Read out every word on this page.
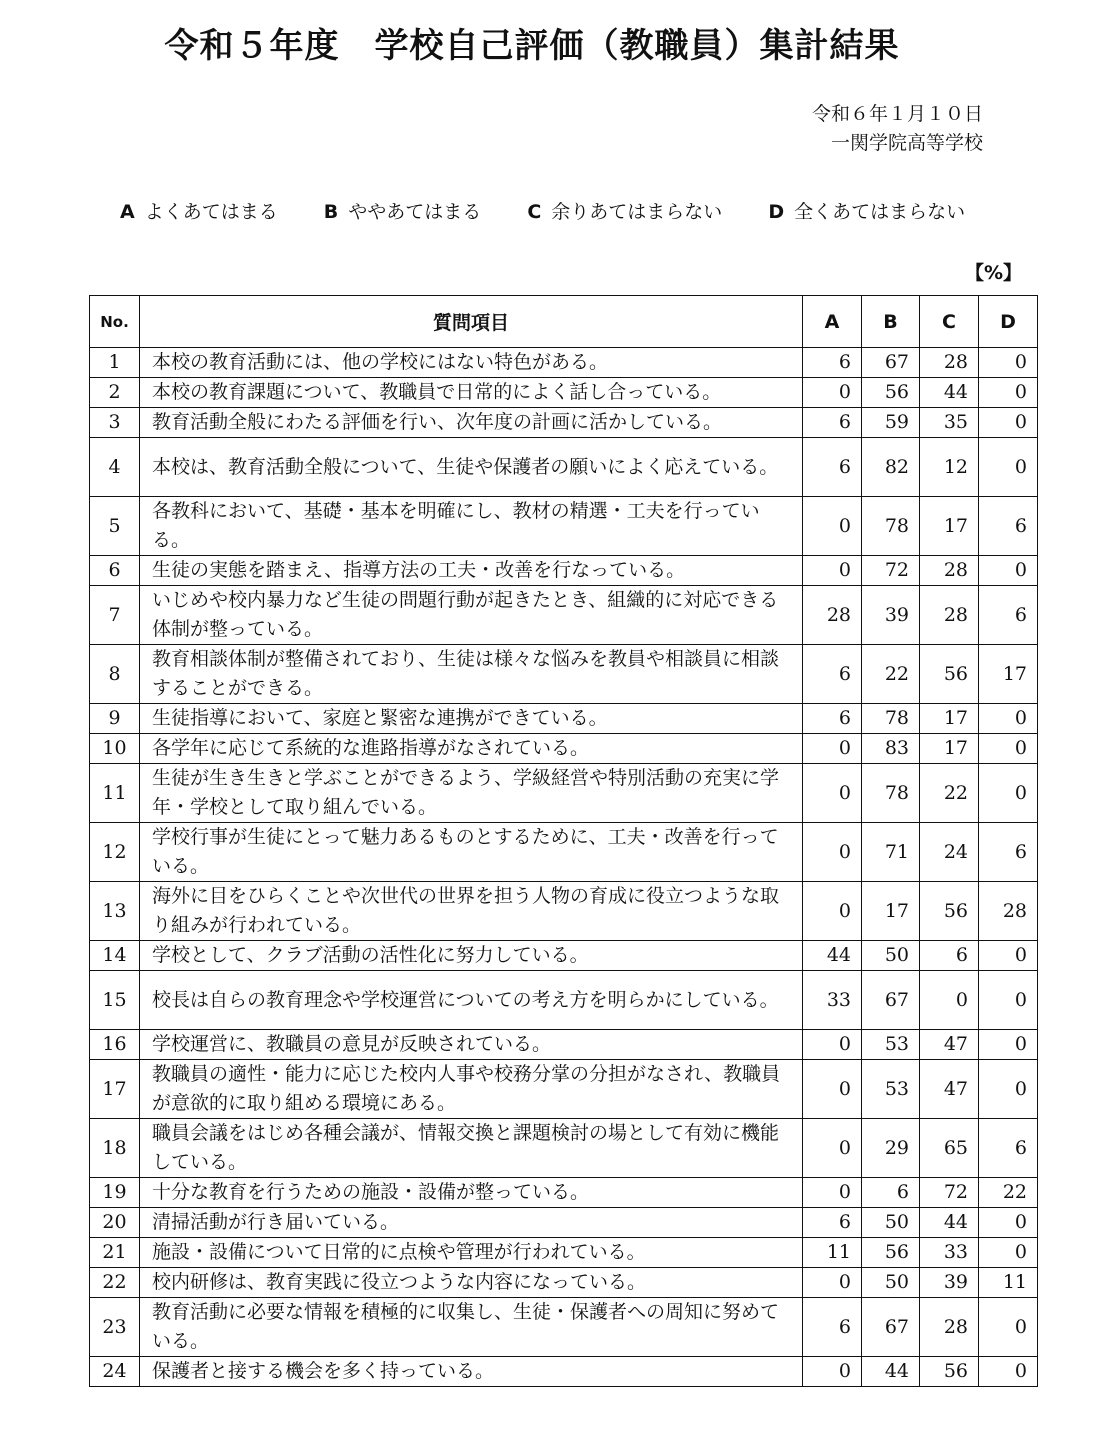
令和５年度　学校自己評価（教職員）集計結果
令和６年１月１０日
一関学院高等学校
A よくあてはまる B ややあてはまる C 余りあてはまらない D 全くあてはまらない
【%】
No.	質問項目	A	B	C	D
1	本校の教育活動には、他の学校にはない特色がある。	6	67	28	0
2	本校の教育課題について、教職員で日常的によく話し合っている。	0	56	44	0
3	教育活動全般にわたる評価を行い、次年度の計画に活かしている。	6	59	35	0
4	本校は、教育活動全般について、生徒や保護者の願いによく応えている。	6	82	12	0
5	各教科において、基礎・基本を明確にし、教材の精選・工夫を行っている。	0	78	17	6
6	生徒の実態を踏まえ、指導方法の工夫・改善を行なっている。	0	72	28	0
7	いじめや校内暴力など生徒の問題行動が起きたとき、組織的に対応できる体制が整っている。	28	39	28	6
8	教育相談体制が整備されており、生徒は様々な悩みを教員や相談員に相談することができる。	6	22	56	17
9	生徒指導において、家庭と緊密な連携ができている。	6	78	17	0
10	各学年に応じて系統的な進路指導がなされている。	0	83	17	0
11	生徒が生き生きと学ぶことができるよう、学級経営や特別活動の充実に学年・学校として取り組んでいる。	0	78	22	0
12	学校行事が生徒にとって魅力あるものとするために、工夫・改善を行っている。	0	71	24	6
13	海外に目をひらくことや次世代の世界を担う人物の育成に役立つような取り組みが行われている。	0	17	56	28
14	学校として、クラブ活動の活性化に努力している。	44	50	6	0
15	校長は自らの教育理念や学校運営についての考え方を明らかにしている。	33	67	0	0
16	学校運営に、教職員の意見が反映されている。	0	53	47	0
17	教職員の適性・能力に応じた校内人事や校務分掌の分担がなされ、教職員が意欲的に取り組める環境にある。	0	53	47	0
18	職員会議をはじめ各種会議が、情報交換と課題検討の場として有効に機能している。	0	29	65	6
19	十分な教育を行うための施設・設備が整っている。	0	6	72	22
20	清掃活動が行き届いている。	6	50	44	0
21	施設・設備について日常的に点検や管理が行われている。	11	56	33	0
22	校内研修は、教育実践に役立つような内容になっている。	0	50	39	11
23	教育活動に必要な情報を積極的に収集し、生徒・保護者への周知に努めている。	6	67	28	0
24	保護者と接する機会を多く持っている。	0	44	56	0
